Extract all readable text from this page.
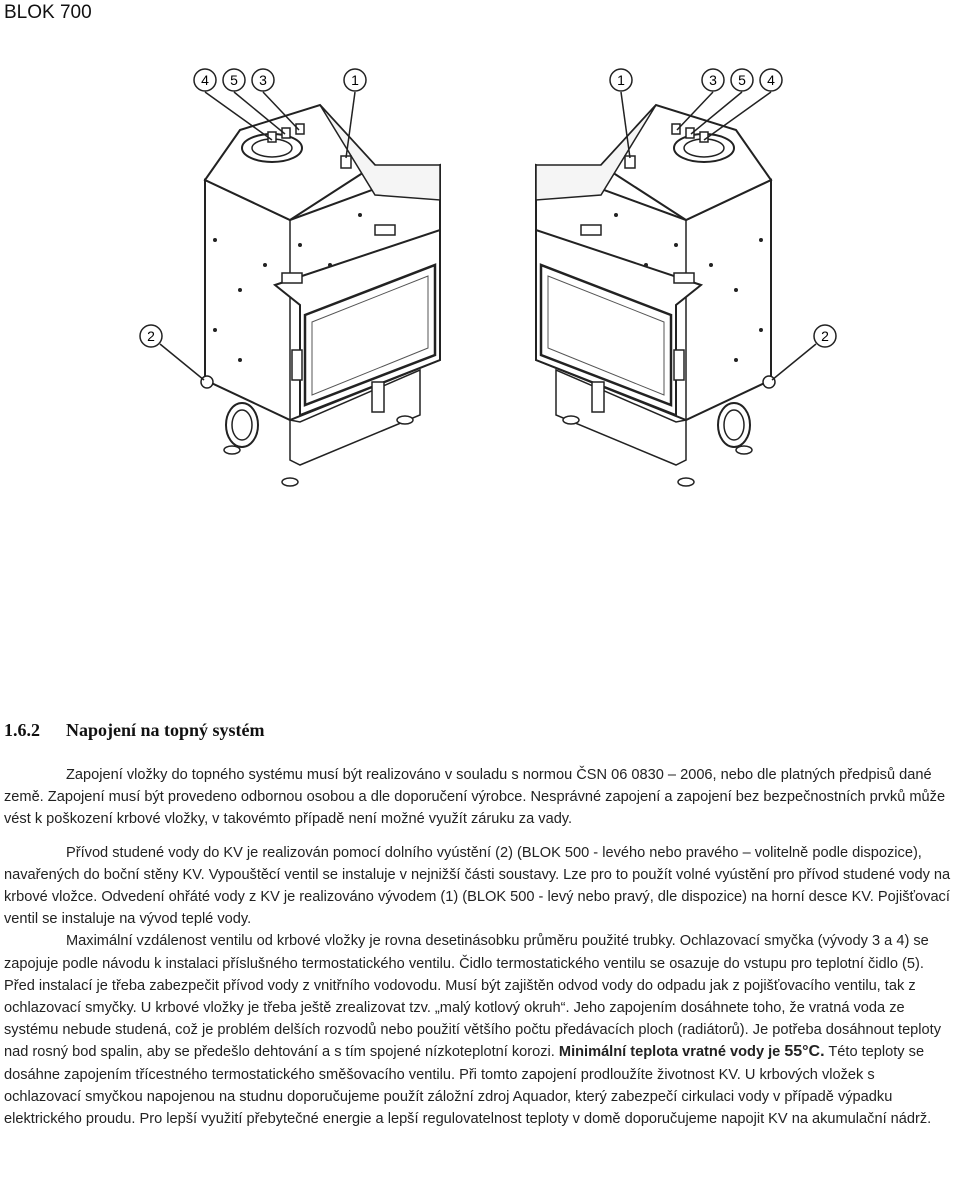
BLOK 700
4 5 3	1
2
1	3 5 4
2
1.6.2 Napojení na topný systém

Zapojení vložky do topného systému musí být realizováno v souladu s normou ČSN 06 0830 – 2006, nebo dle platných předpisů dané země. Zapojení musí být provedeno odbornou osobou a dle doporučení výrobce. Nesprávné zapojení a zapojení bez bezpečnostních prvků může vést k poškození krbové vložky, v takovémto případě není možné využít záruku za vady.

Přívod studené vody do KV je realizován pomocí dolního vyústění (2) (BLOK 500 - levého nebo pravého – volitelně podle dispozice), navařených do boční stěny KV. Vypouštěcí ventil se instaluje v nejnižší části soustavy. Lze pro to použít volné vyústění pro přívod studené vody na krbové vložce. Odvedení ohřáté vody z KV je realizováno vývodem (1) (BLOK 500 - levý nebo pravý, dle dispozice) na horní desce KV. Pojišťovací ventil se instaluje na vývod teplé vody.

Maximální vzdálenost ventilu od krbové vložky je rovna desetinásobku průměru použité trubky. Ochlazovací smyčka (vývody 3 a 4) se zapojuje podle návodu k instalaci příslušného termostatického ventilu. Čidlo termostatického ventilu se osazuje do vstupu pro teplotní čidlo (5). Před instalací je třeba zabezpečit přívod vody z vnitřního vodovodu. Musí být zajištěn odvod vody do odpadu jak z pojišťovacího ventilu, tak z ochlazovací smyčky. U krbové vložky je třeba ještě zrealizovat tzv. „malý kotlový okruh“. Jeho zapojením dosáhnete toho, že vratná voda ze systému nebude studená, což je problém delších rozvodů nebo použití většího počtu předávacích ploch (radiátorů). Je potřeba dosáhnout teploty nad rosný bod spalin, aby se předešlo dehtování a s tím spojené nízkoteplotní korozi. Minimální teplota vratné vody je 55°C. Této teploty se dosáhne zapojením třícestného termostatického směšovacího ventilu. Při tomto zapojení prodloužíte životnost KV. U krbových vložek s ochlazovací smyčkou napojenou na studnu doporučujeme použít záložní zdroj Aquador, který zabezpečí cirkulaci vody v případě výpadku elektrického proudu. Pro lepší využití přebytečné energie a lepší regulovatelnost teploty v domě doporučujeme napojit KV na akumulační nádrž.
